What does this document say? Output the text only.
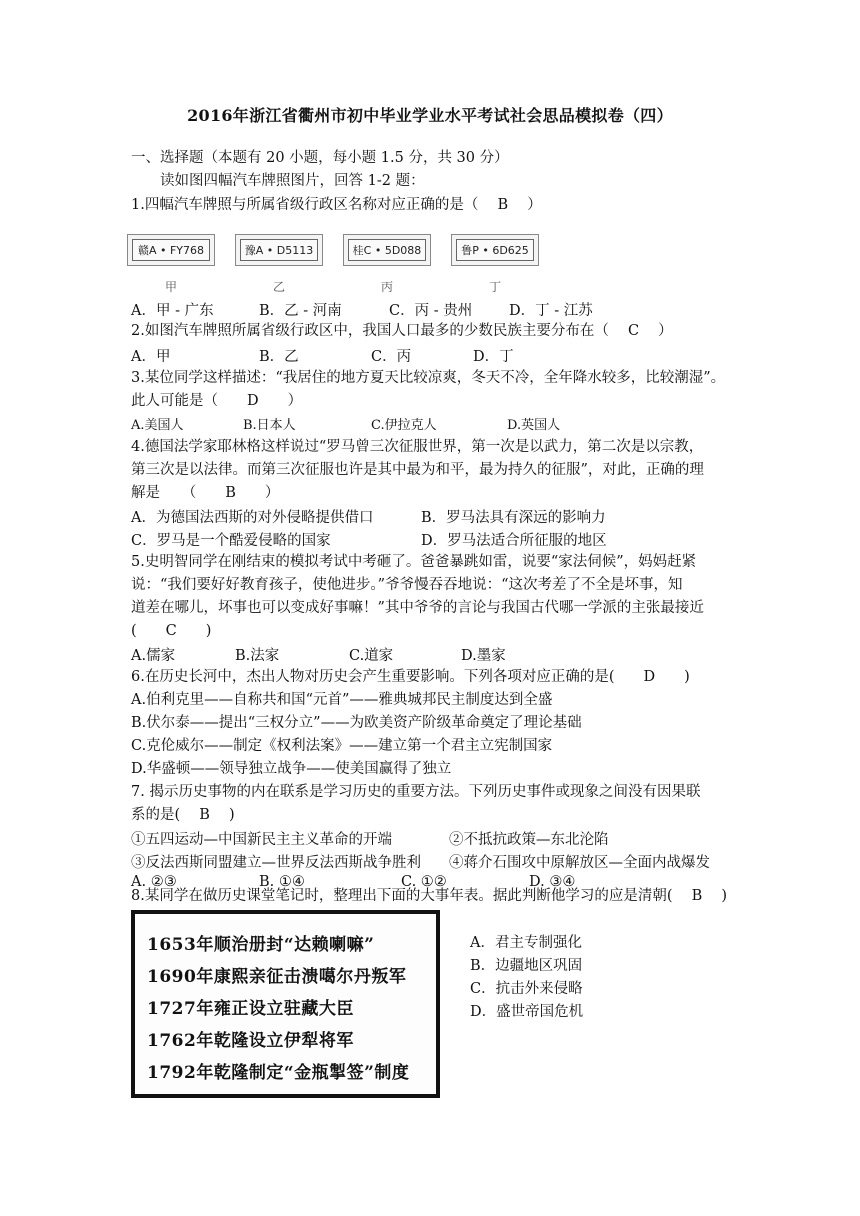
2016年浙江省衢州市初中毕业学业水平考试社会思品模拟卷（四）
一、选择题（本题有 20 小题，每小题 1.5 分，共 30 分）
读如图四幅汽车牌照图片，回答 1-2 题：
1.四幅汽车牌照与所属省级行政区名称对应正确的是（　 B　 ）
赣A • FY768
甲
豫A • D5113
乙
桂C • 5D088
丙
鲁P • 6D625
丁
A．甲 - 广东	B．乙 - 河南	C．丙 - 贵州	D．丁 - 江苏
2.如图汽车牌照所属省级行政区中，我国人口最多的少数民族主要分布在（　 C　 ）
A．甲	B．乙	C．丙	D．丁
3.某位同学这样描述：“我居住的地方夏天比较凉爽，冬天不冷，全年降水较多，比较潮湿”。
此人可能是（　　D　　）
A.美国人	B.日本人	C.伊拉克人	D.英国人
4.德国法学家耶林格这样说过“罗马曾三次征服世界，第一次是以武力，第二次是以宗教，
第三次是以法律。而第三次征服也许是其中最为和平，最为持久的征服”，对此，正确的理
解是　　（　　B　　）
A．为德国法西斯的对外侵略提供借口	B．罗马法具有深远的影响力
C．罗马是一个酷爱侵略的国家	D．罗马法适合所征服的地区
5.史明智同学在刚结束的模拟考试中考砸了。爸爸暴跳如雷，说要“家法伺候”，妈妈赶紧
说：“我们要好好教育孩子，使他进步。”爷爷慢吞吞地说：“这次考差了不全是坏事，知
道差在哪儿，坏事也可以变成好事嘛！”其中爷爷的言论与我国古代哪一学派的主张最接近
(　　C　　)
A.儒家	B.法家	C.道家	D.墨家
6.在历史长河中，杰出人物对历史会产生重要影响。下列各项对应正确的是(　　D　　)
A.伯利克里——自称共和国“元首”——雅典城邦民主制度达到全盛
B.伏尔泰——提出“三权分立”——为欧美资产阶级革命奠定了理论基础
C.克伦威尔——制定《权利法案》——建立第一个君主立宪制国家
D.华盛顿——领导独立战争——使美国赢得了独立
7. 揭示历史事物的内在联系是学习历史的重要方法。下列历史事件或现象之间没有因果联
系的是(　 B　 )
①五四运动—中国新民主主义革命的开端	②不抵抗政策—东北沦陷
③反法西斯同盟建立—世界反法西斯战争胜利 ④蒋介石围攻中原解放区—全面内战爆发
A. ②③	B. ①④	C. ①②	D. ③④
8.某同学在做历史课堂笔记时，整理出下面的大事年表。据此判断他学习的应是清朝(　 B　 )
1653年顺治册封“达赖喇嘛”
1690年康熙亲征击溃噶尔丹叛军
1727年雍正设立驻藏大臣
1762年乾隆设立伊犁将军
1792年乾隆制定“金瓶掣签”制度
A．君主专制强化
B．边疆地区巩固
C．抗击外来侵略
D．盛世帝国危机
